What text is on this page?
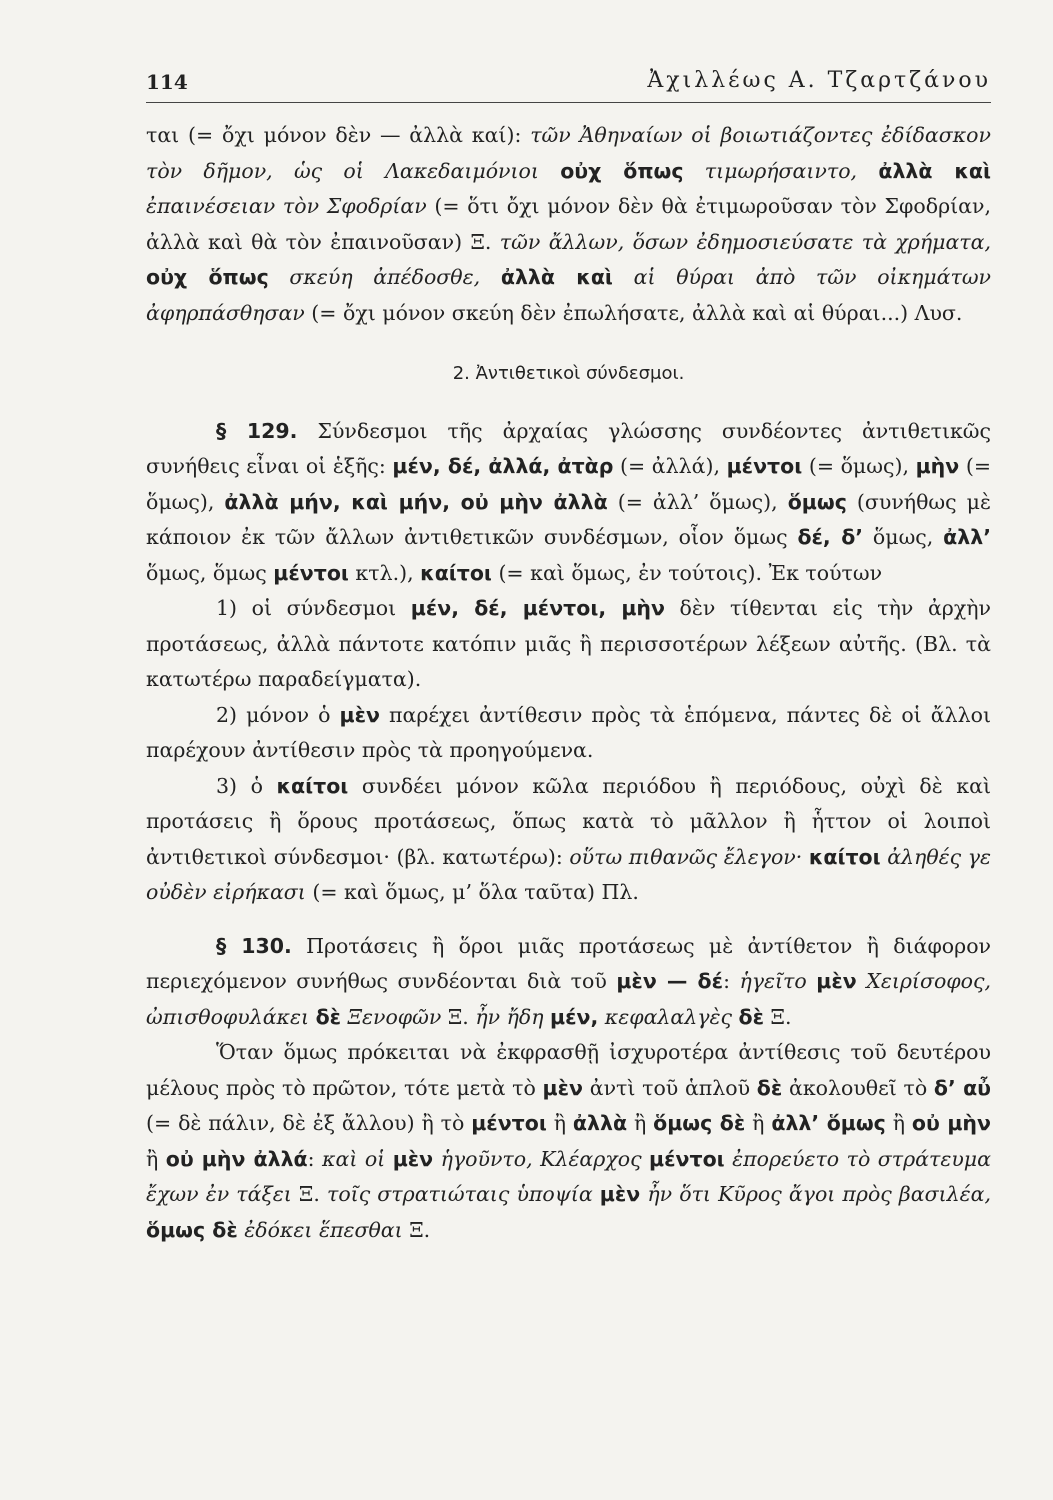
114	Ἀχιλλέως Α. Τζαρτζάνου

ται (= ὄχι μόνον δὲν — ἀλλὰ καί): τῶν Ἀθηναίων οἱ βοιωτιάζοντες ἐδίδασκον τὸν δῆμον, ὡς οἱ Λακεδαιμόνιοι οὐχ ὅπως τιμωρήσαιντο, ἀλλὰ καὶ ἐπαινέσειαν τὸν Σφοδρίαν (= ὅτι ὄχι μόνον δὲν θὰ ἐτιμωροῦσαν τὸν Σφοδρίαν, ἀλλὰ καὶ θὰ τὸν ἐπαινοῦσαν) Ξ. τῶν ἄλλων, ὅσων ἐδημοσιεύσατε τὰ χρήματα, οὐχ ὅπως σκεύη ἀπέδοσθε, ἀλλὰ καὶ αἱ θύραι ἀπὸ τῶν οἰκημάτων ἀφηρπάσθησαν (= ὄχι μόνον σκεύη δὲν ἐπωλήσατε, ἀλλὰ καὶ αἱ θύραι...) Λυσ.

2. Ἀντιθετικοὶ σύνδεσμοι.

§ 129. Σύνδεσμοι τῆς ἀρχαίας γλώσσης συνδέοντες ἀντιθετικῶς συνήθεις εἶναι οἱ ἑξῆς: μέν, δέ, ἀλλά, ἀτὰρ (= ἀλλά), μέντοι (= ὅμως), μὴν (= ὅμως), ἀλλὰ μήν, καὶ μήν, οὐ μὴν ἀλλὰ (= ἀλλ’ ὅμως), ὅμως (συνήθως μὲ κάποιον ἐκ τῶν ἄλλων ἀντιθετικῶν συνδέσμων, οἷον ὅμως δέ, δ’ ὅμως, ἀλλ’ ὅμως, ὅμως μέντοι κτλ.), καίτοι (= καὶ ὅμως, ἐν τούτοις). Ἐκ τούτων

1) οἱ σύνδεσμοι μέν, δέ, μέντοι, μὴν δὲν τίθενται εἰς τὴν ἀρχὴν προτάσεως, ἀλλὰ πάντοτε κατόπιν μιᾶς ἢ περισσοτέρων λέξεων αὐτῆς. (Βλ. τὰ κατωτέρω παραδείγματα).

2) μόνον ὁ μὲν παρέχει ἀντίθεσιν πρὸς τὰ ἑπόμενα, πάντες δὲ οἱ ἄλλοι παρέχουν ἀντίθεσιν πρὸς τὰ προηγούμενα.

3) ὁ καίτοι συνδέει μόνον κῶλα περιόδου ἢ περιόδους, οὐχὶ δὲ καὶ προτάσεις ἢ ὅρους προτάσεως, ὅπως κατὰ τὸ μᾶλλον ἢ ἧττον οἱ λοιποὶ ἀντιθετικοὶ σύνδεσμοι· (βλ. κατωτέρω): οὕτω πιθανῶς ἔλεγον· καίτοι ἀληθές γε οὐδὲν εἰρήκασι (= καὶ ὅμως, μ’ ὅλα ταῦτα) Πλ.

§ 130. Προτάσεις ἢ ὅροι μιᾶς προτάσεως μὲ ἀντίθετον ἢ διάφορον περιεχόμενον συνήθως συνδέονται διὰ τοῦ μὲν — δέ: ἡγεῖτο μὲν Χειρίσοφος, ὠπισθοφυλάκει δὲ Ξενοφῶν Ξ. ἦν ἤδη μέν, κεφαλαλγὲς δὲ Ξ.

Ὅταν ὅμως πρόκειται νὰ ἐκφρασθῇ ἰσχυροτέρα ἀντίθεσις τοῦ δευτέρου μέλους πρὸς τὸ πρῶτον, τότε μετὰ τὸ μὲν ἀντὶ τοῦ ἁπλοῦ δὲ ἀκολουθεῖ τὸ δ’ αὖ (= δὲ πάλιν, δὲ ἐξ ἄλλου) ἢ τὸ μέντοι ἢ ἀλλὰ ἢ ὅμως δὲ ἢ ἀλλ’ ὅμως ἢ οὐ μὴν ἢ οὐ μὴν ἀλλά: καὶ οἱ μὲν ἡγοῦντο, Κλέαρχος μέντοι ἐπορεύετο τὸ στράτευμα ἔχων ἐν τάξει Ξ. τοῖς στρατιώταις ὑποψία μὲν ἦν ὅτι Κῦρος ἄγοι πρὸς βασιλέα, ὅμως δὲ ἐδόκει ἕπεσθαι Ξ.
